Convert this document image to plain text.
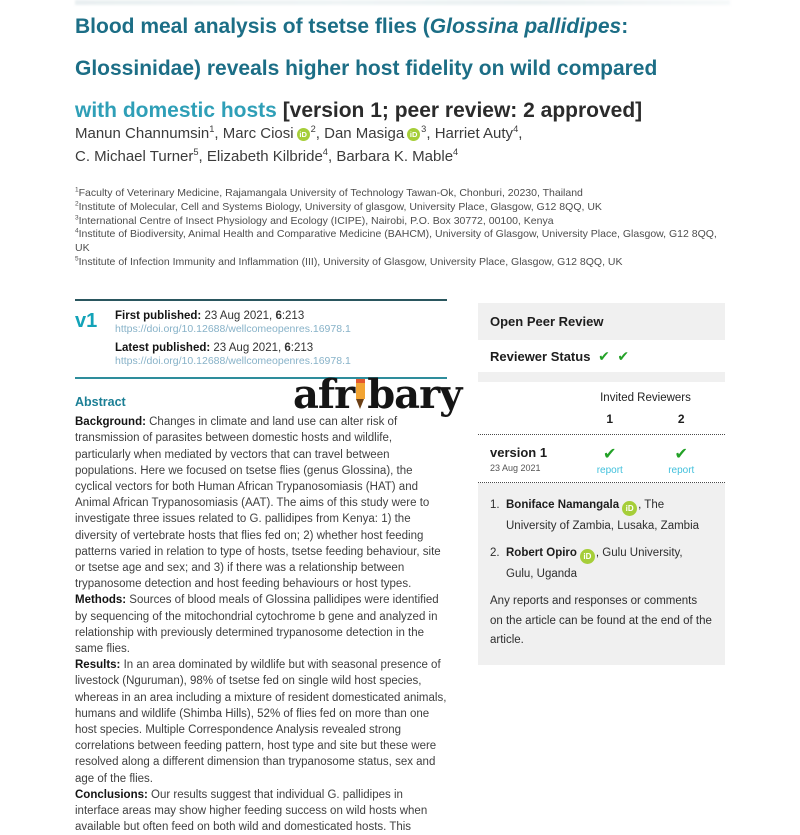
Blood meal analysis of tsetse flies (Glossina pallidipes:
Glossinidae) reveals higher host fidelity on wild compared
with domestic hosts [version 1; peer review: 2 approved]
Manun Channumsin$^1$, Marc Ciosi $iD^2$, Dan Masiga $iD^3$, Harriet Auty$^4$,
C. Michael Turner$^5$, Elizabeth Kilbride$^4$, Barbara K. Mable$^4$
$^1$Faculty of Veterinary Medicine, Rajamangala University of Technology Tawan-Ok, Chonburi, 20230, Thailand
$^2$Institute of Molecular, Cell and Systems Biology, University of glasgow, University Place, Glasgow, G12 8QQ, UK
$^3$International Centre of Insect Physiology and Ecology (ICIPE), Nairobi, P.O. Box 30772, 00100, Kenya
$^4$Institute of Biodiversity, Animal Health and Comparative Medicine (BAHCM), University of Glasgow, University Place, Glasgow, G12 8QQ, UK
$^5$Institute of Infection Immunity and Inflammation (III), University of Glasgow, University Place, Glasgow, G12 8QQ, UK
v1	First published: 23 Aug 2021, 6:213
https://doi.org/10.12688/wellcomeopenres.16978.1
Latest published: 23 Aug 2021, 6:213
https://doi.org/10.12688/wellcomeopenres.16978.1
afr bary
Abstract

Background: Changes in climate and land use can alter risk of transmission of parasites between domestic hosts and wildlife, particularly when mediated by vectors that can travel between populations. Here we focused on tsetse flies (genus Glossina), the cyclical vectors for both Human African Trypanosomiasis (HAT) and Animal African Trypanosomiasis (AAT). The aims of this study were to investigate three issues related to G. pallidipes from Kenya: 1) the diversity of vertebrate hosts that flies fed on; 2) whether host feeding patterns varied in relation to type of hosts, tsetse feeding behaviour, site or tsetse age and sex; and 3) if there was a relationship between trypanosome detection and host feeding behaviours or host types.

Methods: Sources of blood meals of Glossina pallidipes were identified by sequencing of the mitochondrial cytochrome b gene and analyzed in relationship with previously determined trypanosome detection in the same flies.

Results: In an area dominated by wildlife but with seasonal presence of livestock (Nguruman), 98% of tsetse fed on single wild host species, whereas in an area including a mixture of resident domesticated animals, humans and wildlife (Shimba Hills), 52% of flies fed on more than one host species. Multiple Correspondence Analysis revealed strong correlations between feeding pattern, host type and site but these were resolved along a different dimension than trypanosome status, sex and age of the flies.

Conclusions: Our results suggest that individual G. pallidipes in interface areas may show higher feeding success on wild hosts when available but often feed on both wild and domesticated hosts. This

Open Peer Review
Reviewer Status ✔ ✔
Invited Reviewers
1	2
version 1
23 Aug 2021
✔
report
✔
report
1. Boniface Namangala iD , The University of Zambia, Lusaka, Zambia
2. Robert Opiro iD , Gulu University, Gulu, Uganda
Any reports and responses or comments on the article can be found at the end of the article.
